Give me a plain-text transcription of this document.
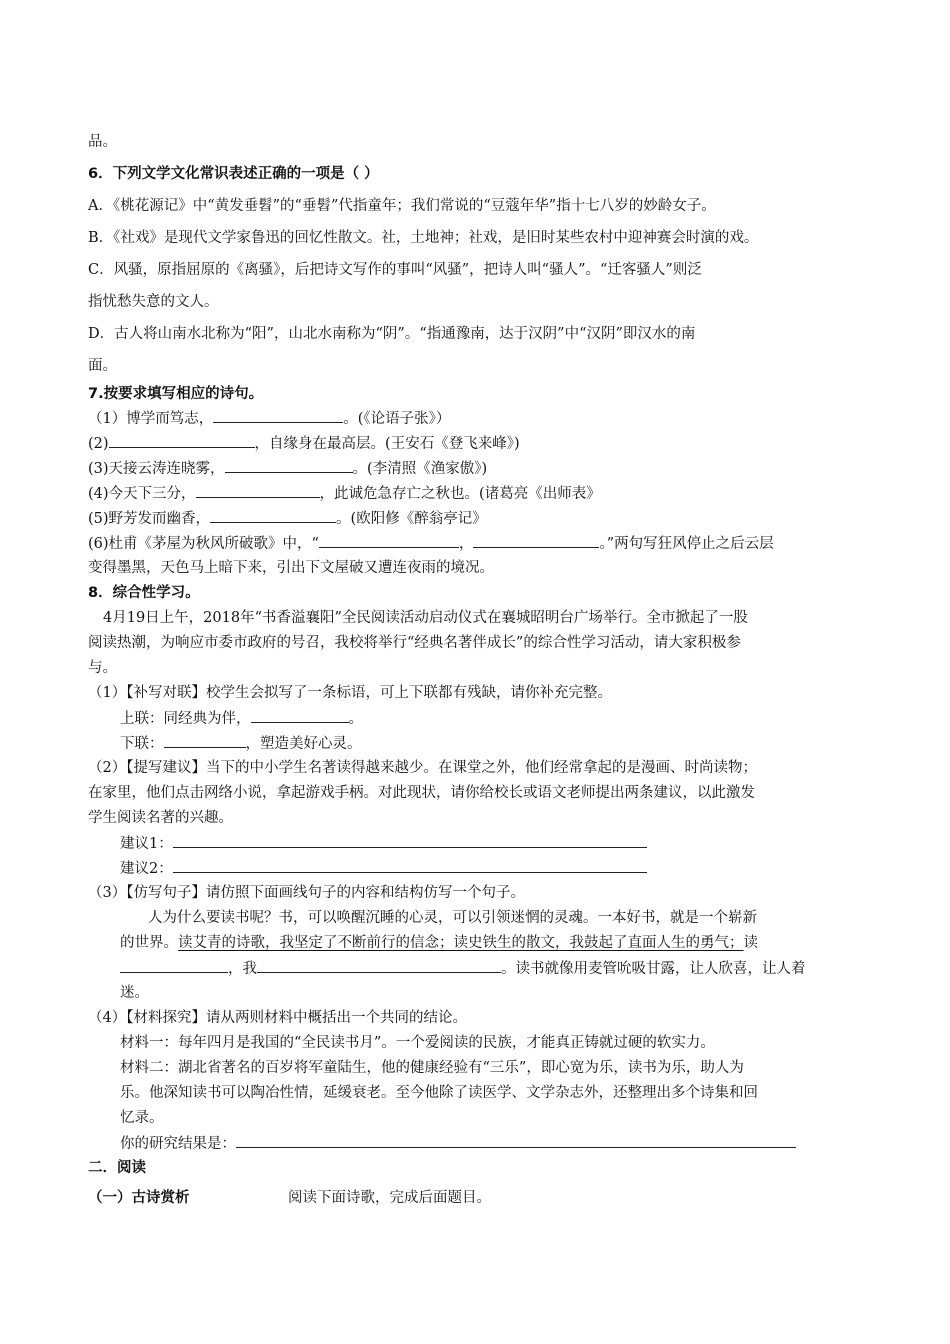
品。
6．下列文学文化常识表述正确的一项是（ ）
A．《桃花源记》中“黄发垂髫”的“垂髫”代指童年；我们常说的“豆蔻年华”指十七八岁的妙龄女子。
B．《社戏》是现代文学家鲁迅的回忆性散文。社，土地神；社戏，是旧时某些农村中迎神赛会时演的戏。
C．风骚，原指屈原的《离骚》，后把诗文写作的事叫“风骚”，把诗人叫“骚人”。“迁客骚人”则泛
指忧愁失意的文人。
D．古人将山南水北称为“阳”，山北水南称为“阴”。“指通豫南，达于汉阴”中“汉阴”即汉水的南
面。
7.按要求填写相应的诗句。
（1）博学而笃志，	。(《论语子张》）
(2)	，自缘身在最高层。(王安石《登飞来峰》)
(3)天接云涛连晓雾，	。(李清照《渔家傲》)
(4)今天下三分，	，此诚危急存亡之秋也。(诸葛亮《出师表》
(5)野芳发而幽香，	。(欧阳修《醉翁亭记》
(6)杜甫《茅屋为秋风所破歌》中，“	，	。”两句写狂风停止之后云层
变得墨黑，天色马上暗下来，引出下文屋破又遭连夜雨的境况。
8．综合性学习。
4月19日上午，2018年“书香溢襄阳”全民阅读活动启动仪式在襄城昭明台广场举行。全市掀起了一股
阅读热潮，为响应市委市政府的号召，我校将举行“经典名著伴成长”的综合性学习活动，请大家积极参
与。
（1）【补写对联】校学生会拟写了一条标语，可上下联都有残缺，请你补充完整。
上联：同经典为伴，	。
下联：	，塑造美好心灵。
（2）【提写建议】当下的中小学生名著读得越来越少。在课堂之外，他们经常拿起的是漫画、时尚读物；
在家里，他们点击网络小说，拿起游戏手柄。对此现状，请你给校长或语文老师提出两条建议，以此激发
学生阅读名著的兴趣。
建议1：
建议2：
（3）【仿写句子】请仿照下面画线句子的内容和结构仿写一个句子。
人为什么要读书呢？书，可以唤醒沉睡的心灵，可以引领迷惘的灵魂。一本好书，就是一个崭新
的世界。读艾青的诗歌，我坚定了不断前行的信念；读史铁生的散文，我鼓起了直面人生的勇气；读
，我	。读书就像用麦管吮吸甘露，让人欣喜，让人着
迷。
（4）【材料探究】请从两则材料中概括出一个共同的结论。
材料一：每年四月是我国的“全民读书月”。一个爱阅读的民族，才能真正铸就过硬的软实力。
材料二：湖北省著名的百岁将军童陆生，他的健康经验有“三乐”，即心宽为乐，读书为乐，助人为
乐。他深知读书可以陶冶性情，延缓衰老。至今他除了读医学、文学杂志外，还整理出多个诗集和回
忆录。
你的研究结果是：
二．阅读
（一）古诗赏析	阅读下面诗歌，完成后面题目。
